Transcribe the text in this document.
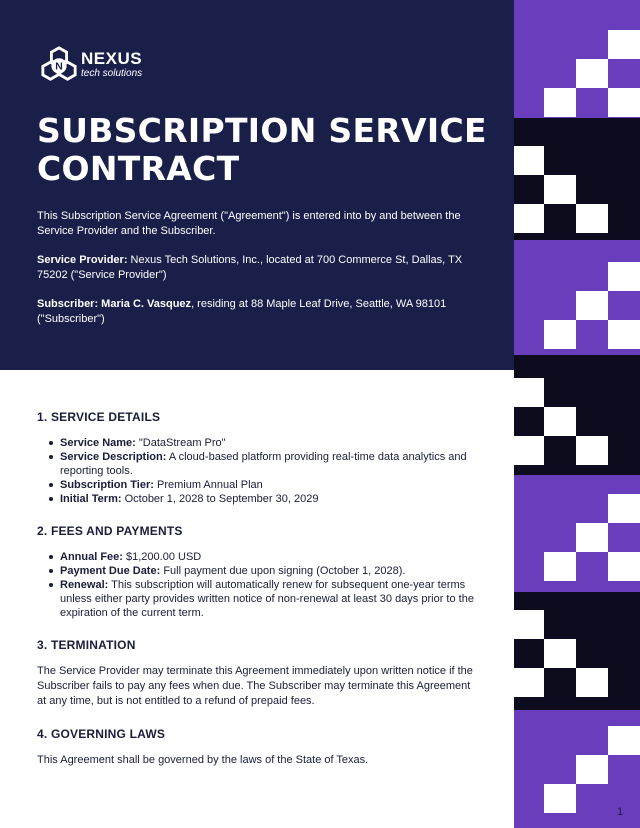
N NEXUS
tech solutions
SUBSCRIPTION SERVICE CONTRACT

This Subscription Service Agreement ("Agreement") is entered into by and between the Service Provider and the Subscriber.

Service Provider: Nexus Tech Solutions, Inc., located at 700 Commerce St, Dallas, TX 75202 ("Service Provider")

Subscriber: Maria C. Vasquez, residing at 88 Maple Leaf Drive, Seattle, WA 98101 ("Subscriber")

1. SERVICE DETAILS
Service Name: "DataStream Pro"
Service Description: A cloud-based platform providing real-time data analytics and reporting tools.
Subscription Tier: Premium Annual Plan
Initial Term: October 1, 2028 to September 30, 2029
2. FEES AND PAYMENTS
Annual Fee: $1,200.00 USD
Payment Due Date: Full payment due upon signing (October 1, 2028).
Renewal: This subscription will automatically renew for subsequent one-year terms unless either party provides written notice of non-renewal at least 30 days prior to the expiration of the current term.
3. TERMINATION

The Service Provider may terminate this Agreement immediately upon written notice if the Subscriber fails to pay any fees when due. The Subscriber may terminate this Agreement at any time, but is not entitled to a refund of prepaid fees.

4. GOVERNING LAWS

This Agreement shall be governed by the laws of the State of Texas.

1
